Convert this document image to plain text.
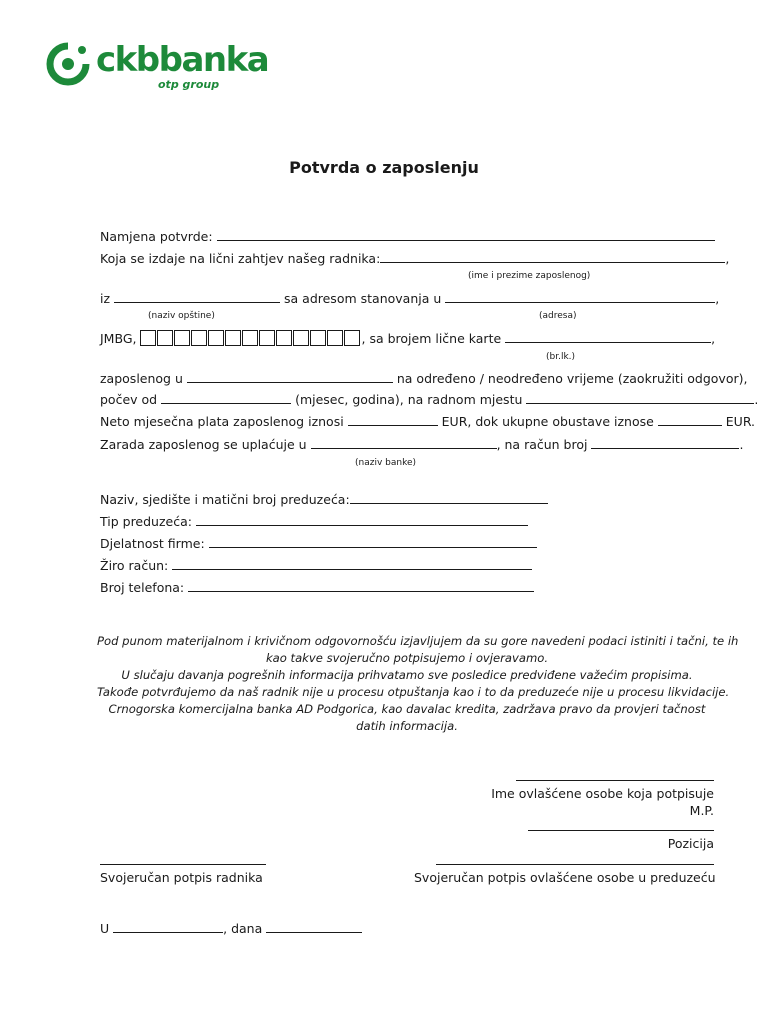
ckbbanka
otp group
Potvrda o zaposlenju
Namjena potvrde:
Koja se izdaje na lični zahtjev našeg radnika:	,
(ime i prezime zaposlenog)
iz	sa adresom stanovanja u	,
(naziv opštine)	(adresa)
JMBG,	, sa brojem lične karte	,
(br.lk.)
zaposlenog u	na određeno / neodređeno vrijeme (zaokružiti odgovor),
počev od	(mjesec, godina), na radnom mjestu	.
Neto mjesečna plata zaposlenog iznosi	EUR, dok ukupne obustave iznose	EUR.
Zarada zaposlenog se uplaćuje u	, na račun broj	.
(naziv banke)
Naziv, sjedište i matični broj preduzeća:
Tip preduzeća:
Djelatnost firme:
Žiro račun:
Broj telefona:
Pod punom materijalnom i krivičnom odgovornošću izjavljujem da su gore navedeni podaci istiniti i tačni, te ih
kao takve svojeručno potpisujemo i ovjeravamo.
U slučaju davanja pogrešnih informacija prihvatamo sve posledice predviđene važećim propisima.
Takođe potvrđujemo da naš radnik nije u procesu otpuštanja kao i to da preduzeće nije u procesu likvidacije.
Crnogorska komercijalna banka AD Podgorica, kao davalac kredita, zadržava pravo da provjeri tačnost
datih informacija.
Ime ovlašćene osobe koja potpisuje
M.P.
Pozicija
Svojeručan potpis radnika	Svojeručan potpis ovlašćene osobe u preduzeću
U	, dana
